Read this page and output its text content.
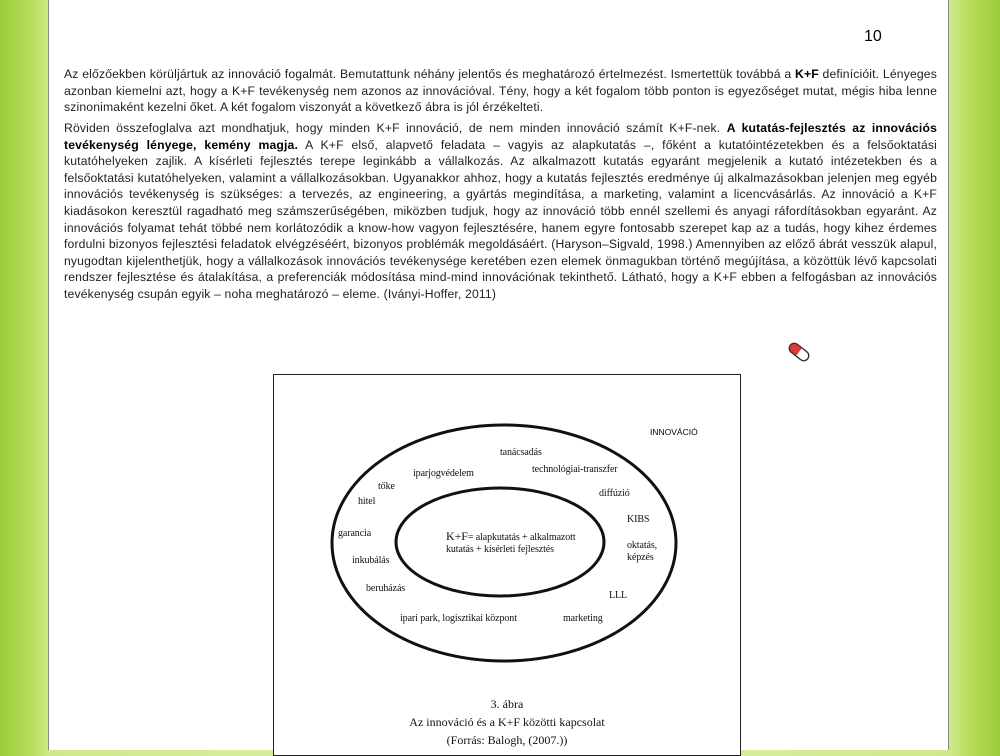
10

Az előzőekben körüljártuk az innováció fogalmát. Bemutattunk néhány jelentős és meghatározó értelmezést. Ismertettük továbbá a K+F definícióit. Lényeges azonban kiemelni azt, hogy a K+F tevékenység nem azonos az innovációval. Tény, hogy a két fogalom több ponton is egyezőséget mutat, mégis hiba lenne szinonimaként kezelni őket. A két fogalom viszonyát a következő ábra is jól érzékelteti.

Röviden összefoglalva azt mondhatjuk, hogy minden K+F innováció, de nem minden innováció számít K+F-nek. A kutatás-fejlesztés az innovációs tevékenység lényege, kemény magja. A K+F első, alapvető feladata – vagyis az alapkutatás –, főként a kutatóintézetekben és a felsőoktatási kutatóhelyeken zajlik. A kísérleti fejlesztés terepe leginkább a vállalkozás. Az alkalmazott kutatás egyaránt megjelenik a kutató intézetekben és a felsőoktatási kutatóhelyeken, valamint a vállalkozásokban. Ugyanakkor ahhoz, hogy a kutatás fejlesztés eredménye új alkalmazásokban jelenjen meg egyéb innovációs tevékenység is szükséges: a tervezés, az engineering, a gyártás megindítása, a marketing, valamint a licencvásárlás. Az innováció a K+F kiadásokon keresztül ragadható meg számszerűségében, miközben tudjuk, hogy az innováció több ennél szellemi és anyagi ráfordításokban egyaránt. Az innovációs folyamat tehát többé nem korlátozódik a know-how vagyon fejlesztésére, hanem egyre fontosabb szerepet kap az a tudás, hogy kihez érdemes fordulni bizonyos fejlesztési feladatok elvégzéséért, bizonyos problémák megoldásáért. (Haryson–Sigvald, 1998.) Amennyiben az előző ábrát vesszük alapul, nyugodtan kijelenthetjük, hogy a vállalkozások innovációs tevékenysége keretében ezen elemek önmagukban történő megújítása, a közöttük lévő kapcsolati rendszer fejlesztése és átalakítása, a preferenciák módosítása mind-mind innovációnak tekinthető. Látható, hogy a K+F ebben a felfogásban az innovációs tevékenység csupán egyik – noha meghatározó – eleme. (Iványi-Hoffer, 2011)

INNOVÁCIÓ
tanácsadás
iparjogvédelem	technológiai-transzfer
tőke
hitel
diffúzió
KIBS
garancia
oktatás,
képzés
inkubálás
beruházás
LLL
ipari park, logisztikai központ	marketing
K+F= alapkutatás + alkalmazott
kutatás + kísérleti fejlesztés
3. ábra
Az innováció és a K+F közötti kapcsolat
(Forrás: Balogh, (2007.))
